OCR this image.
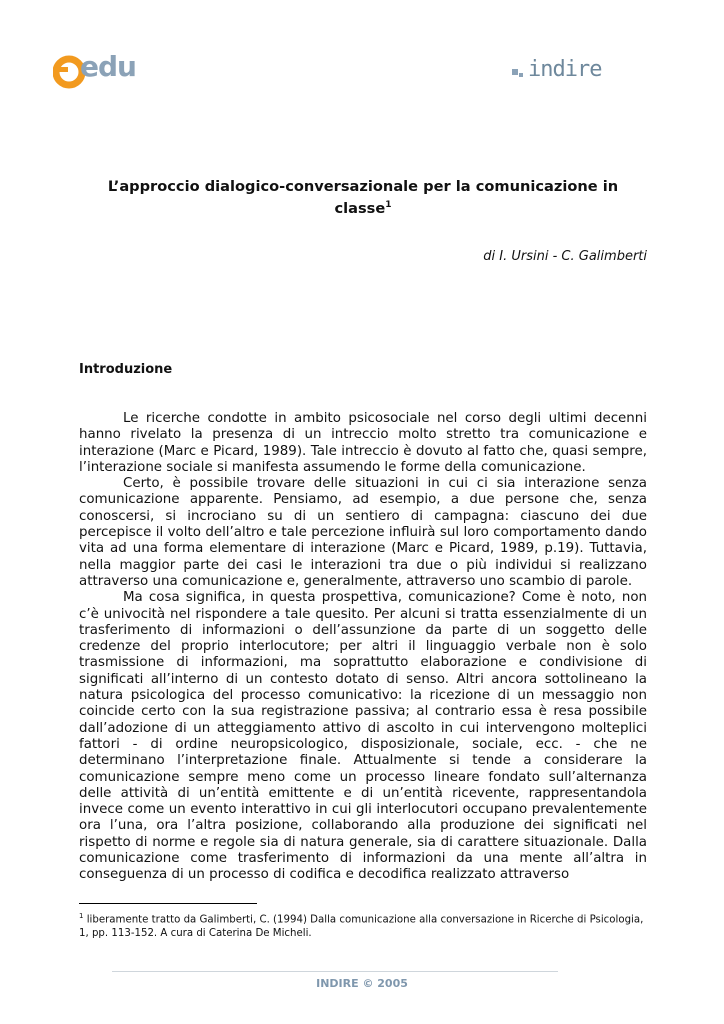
edu	indire
L’approccio dialogico-conversazionale per la comunicazione in classe$^1$
di I. Ursini - C. Galimberti
Introduzione

Le ricerche condotte in ambito psicosociale nel corso degli ultimi decenni hanno rivelato la presenza di un intreccio molto stretto tra comunicazione e interazione (Marc e Picard, 1989). Tale intreccio è dovuto al fatto che, quasi sempre, l’interazione sociale si manifesta assumendo le forme della comunicazione.

Certo, è possibile trovare delle situazioni in cui ci sia interazione senza comunicazione apparente. Pensiamo, ad esempio, a due persone che, senza conoscersi, si incrociano su di un sentiero di campagna: ciascuno dei due percepisce il volto dell’altro e tale percezione influirà sul loro comportamento dando vita ad una forma elementare di interazione (Marc e Picard, 1989, p.19). Tuttavia, nella maggior parte dei casi le interazioni tra due o più individui si realizzano attraverso una comunicazione e, generalmente, attraverso uno scambio di parole.

Ma cosa significa, in questa prospettiva, comunicazione? Come è noto, non c’è univocità nel rispondere a tale quesito. Per alcuni si tratta essenzialmente di un trasferimento di informazioni o dell’assunzione da parte di un soggetto delle credenze del proprio interlocutore; per altri il linguaggio verbale non è solo trasmissione di informazioni, ma soprattutto elaborazione e condivisione di significati all’interno di un contesto dotato di senso. Altri ancora sottolineano la natura psicologica del processo comunicativo: la ricezione di un messaggio non coincide certo con la sua registrazione passiva; al contrario essa è resa possibile dall’adozione di un atteggiamento attivo di ascolto in cui intervengono molteplici fattori - di ordine neuropsicologico, disposizionale, sociale, ecc. - che ne determinano l’interpretazione finale. Attualmente si tende a considerare la comunicazione sempre meno come un processo lineare fondato sull’alternanza delle attività di un’entità emittente e di un’entità ricevente, rappresentandola invece come un evento interattivo in cui gli interlocutori occupano prevalentemente ora l’una, ora l’altra posizione, collaborando alla produzione dei significati nel rispetto di norme e regole sia di natura generale, sia di carattere situazionale. Dalla comunicazione come trasferimento di informazioni da una mente all’altra in conseguenza di un processo di codifica e decodifica realizzato attraverso

$^1$ liberamente tratto da Galimberti, C. (1994) Dalla comunicazione alla conversazione in Ricerche di Psicologia, 1, pp. 113-152. A cura di Caterina De Micheli.
INDIRE © 2005
